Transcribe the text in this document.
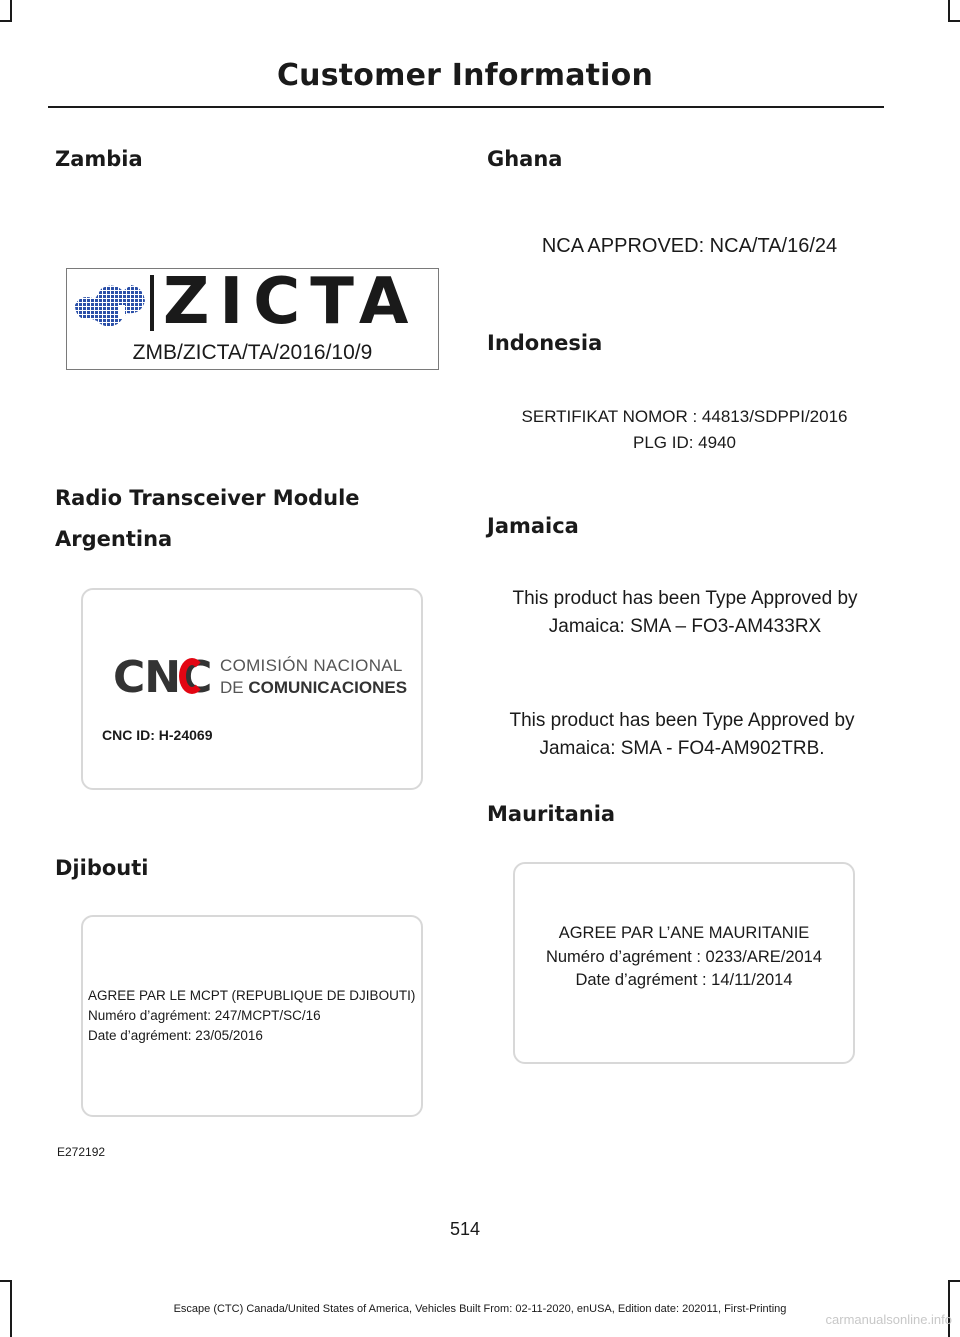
Customer Information
Zambia
ZICTA
ZMB/ZICTA/TA/2016/10/9
Radio Transceiver Module
Argentina
CNC COMISIÓN NACIONAL
DE COMUNICACIONES
CNC ID: H-24069
Djibouti
AGREE PAR LE MCPT (REPUBLIQUE DE DJIBOUTI)
Numéro d’agrément: 247/MCPT/SC/16
Date d’agrément: 23/05/2016
E272192
Ghana
NCA APPROVED: NCA/TA/16/24
Indonesia
SERTIFIKAT NOMOR : 44813/SDPPI/2016
PLG ID: 4940
Jamaica
This product has been Type Approved by
Jamaica: SMA – FO3-AM433RX
This product has been Type Approved by
Jamaica: SMA - FO4-AM902TRB.
Mauritania
AGREE PAR L’ANE MAURITANIE
Numéro d’agrément : 0233/ARE/2014
Date d’agrément : 14/11/2014
514
Escape (CTC) Canada/United States of America, Vehicles Built From: 02-11-2020, enUSA, Edition date: 202011, First-Printing
carmanualsonline.info
